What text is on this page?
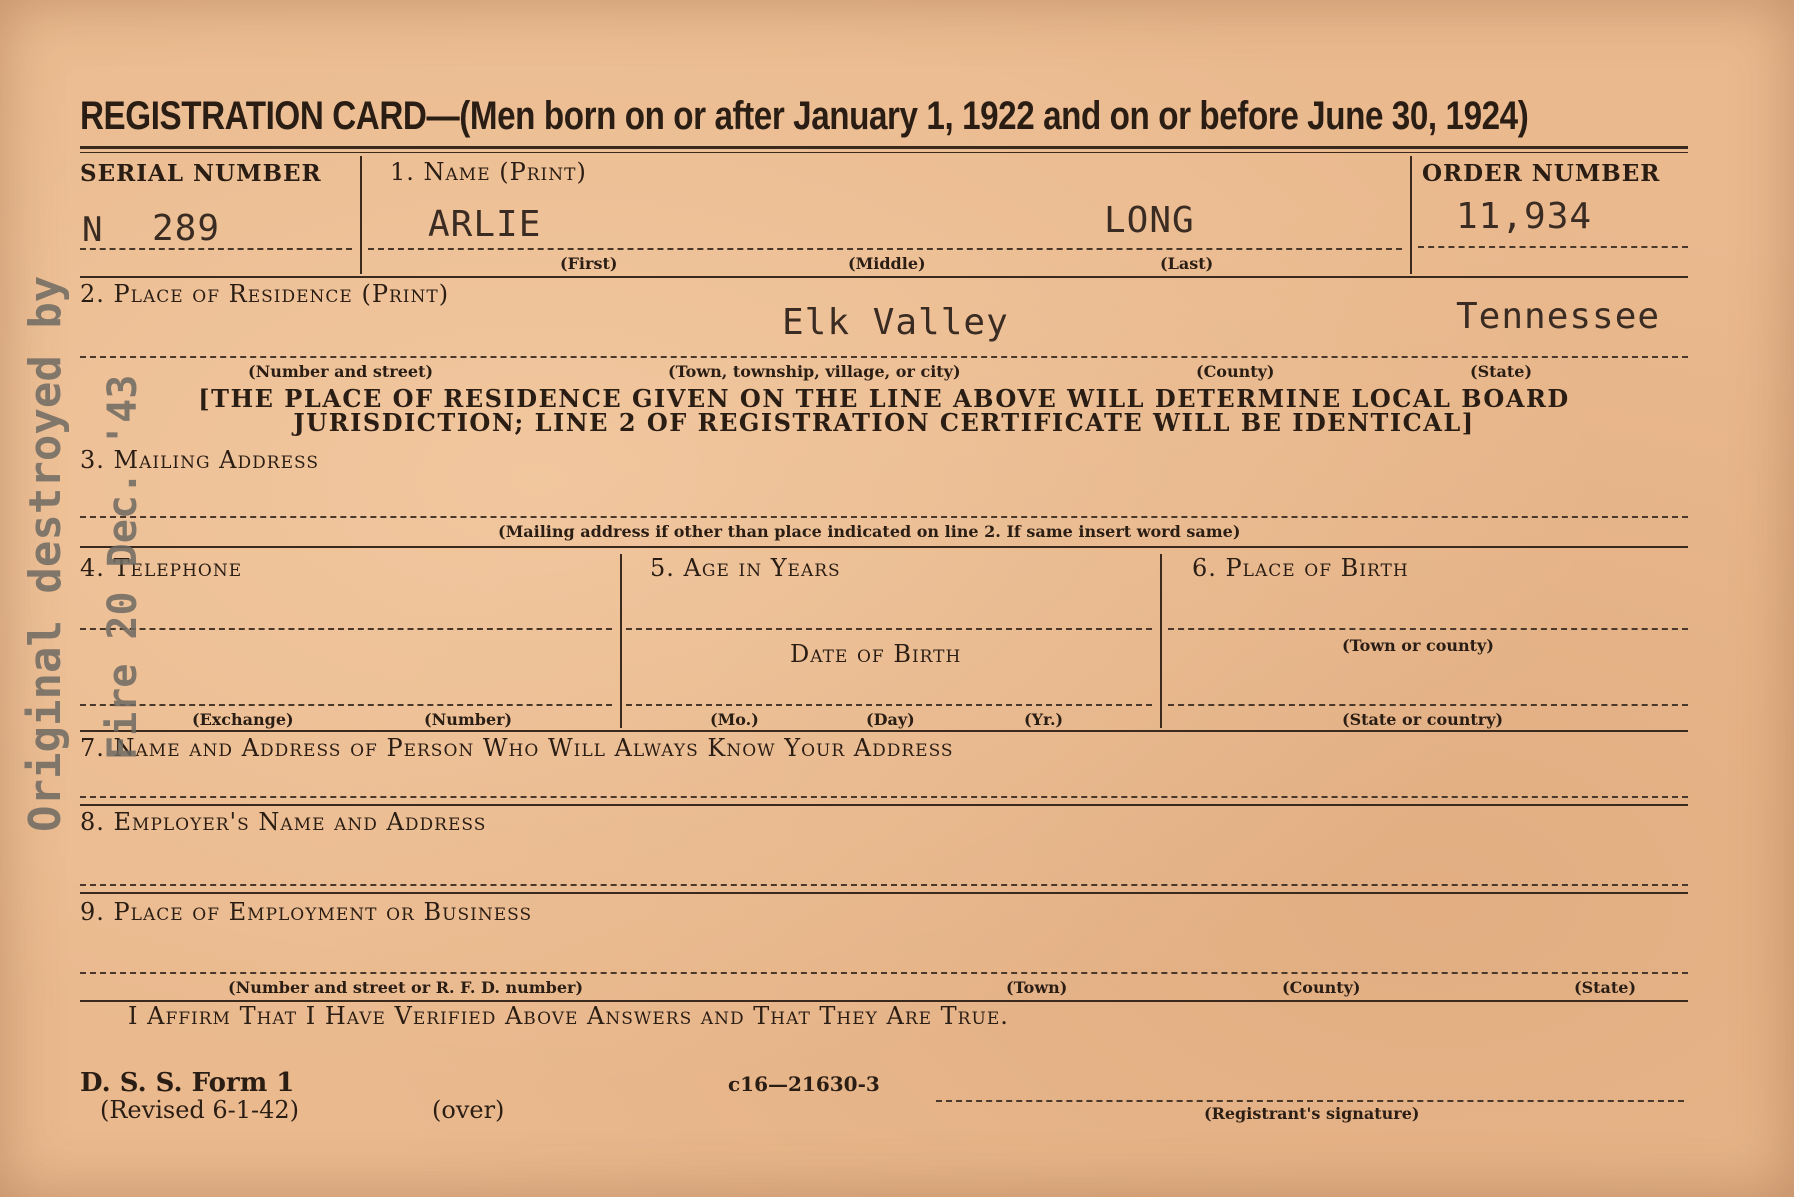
REGISTRATION CARD—(Men born on or after January 1, 1922 and on or before June 30, 1924)
SERIAL NUMBER
N 289
1. Name (Print)
ARLIE	LONG
(First)	(Middle)	(Last)
ORDER NUMBER
11,934
2. Place of Residence (Print)
Elk Valley	Tennessee
(Number and street)	(Town, township, village, or city)	(County)	(State)
[THE PLACE OF RESIDENCE GIVEN ON THE LINE ABOVE WILL DETERMINE LOCAL BOARD
JURISDICTION; LINE 2 OF REGISTRATION CERTIFICATE WILL BE IDENTICAL]
3. Mailing Address
(Mailing address if other than place indicated on line 2. If same insert word same)
4. Telephone
(Exchange)	(Number)
5. Age in Years
Date of Birth
(Mo.)	(Day)	(Yr.)
6. Place of Birth
(Town or county)
(State or country)
7. Name and Address of Person Who Will Always Know Your Address
8. Employer's Name and Address
9. Place of Employment or Business
(Number and street or R. F. D. number)	(Town)	(County)	(State)
I Affirm That I Have Verified Above Answers and That They Are True.
D. S. S. Form 1
(Revised 6-1-42)	(over)
c16—21630-3
(Registrant's signature)
Original destroyed by Fire 20 Dec. '43
